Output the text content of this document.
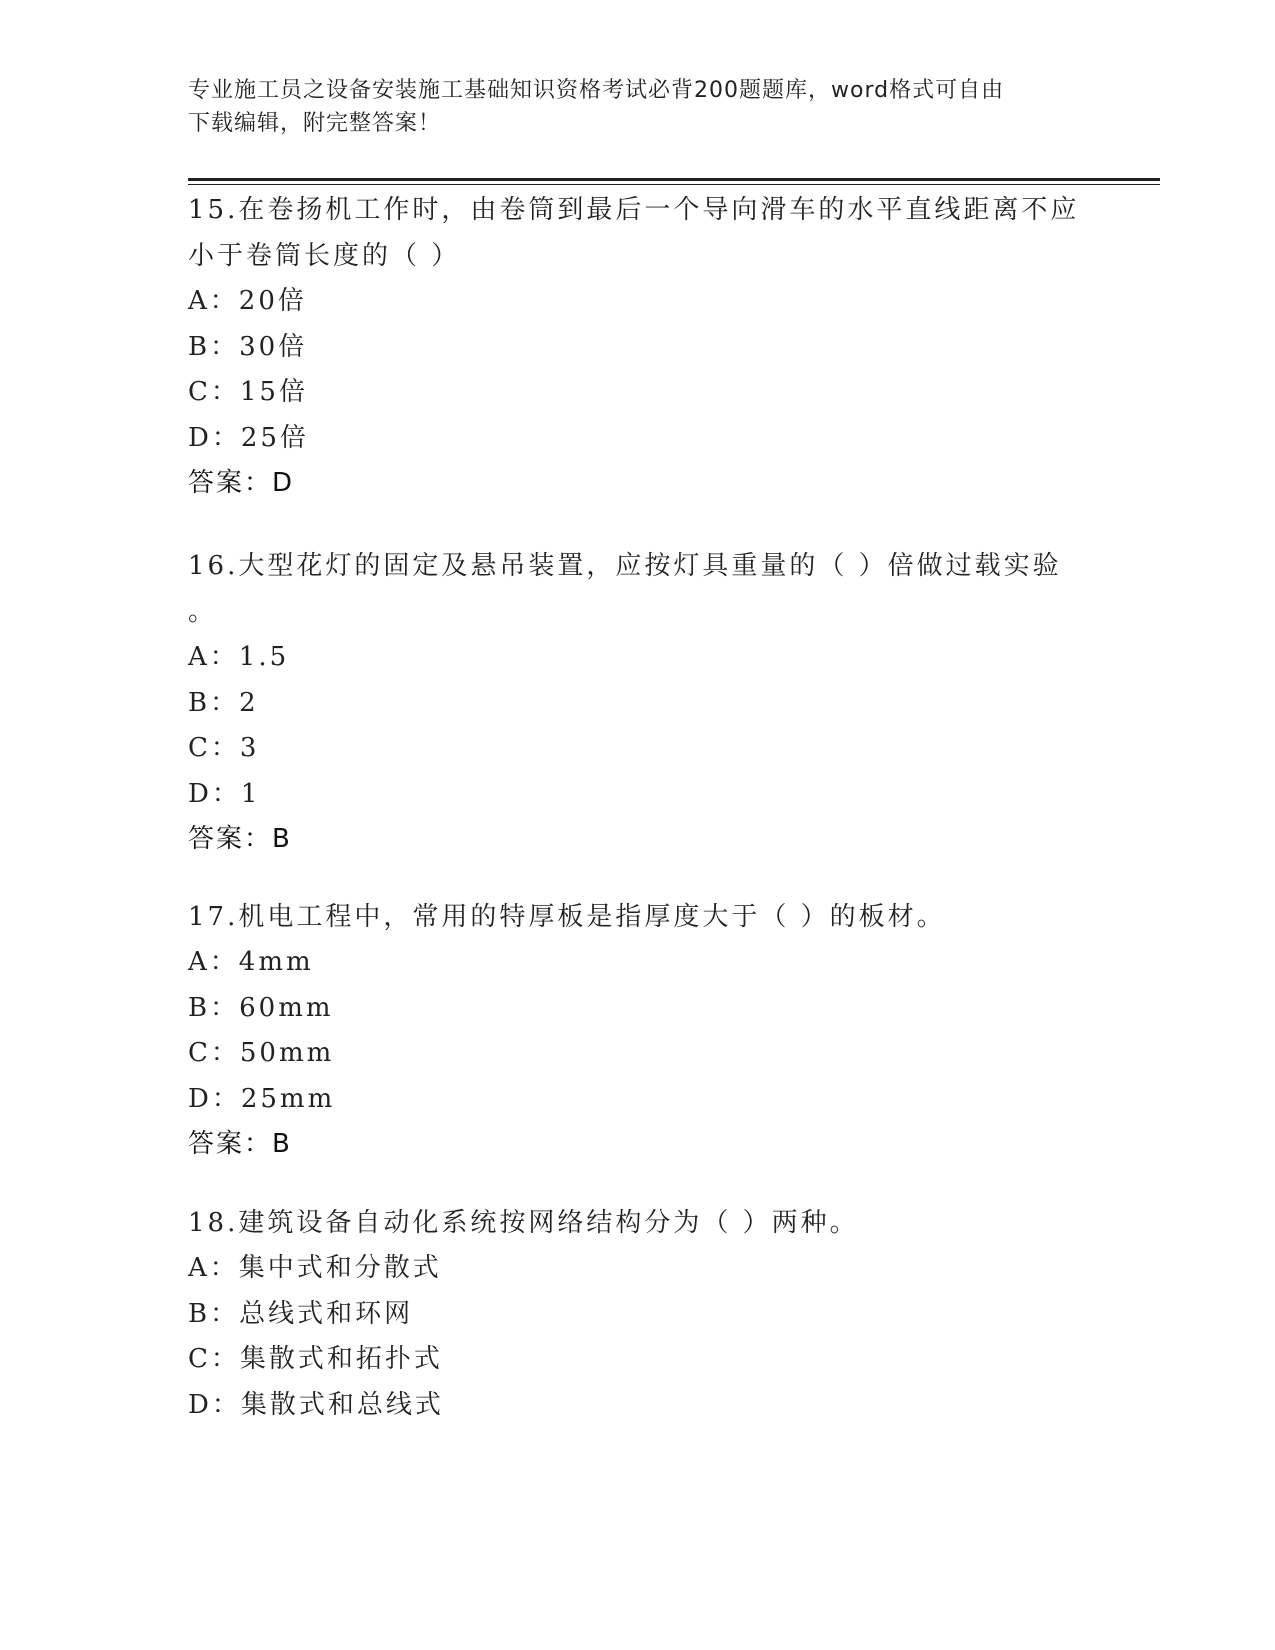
专业施工员之设备安装施工基础知识资格考试必背200题题库，word格式可自由
下载编辑，附完整答案！

15.在卷扬机工作时，由卷筒到最后一个导向滑车的水平直线距离不应

小于卷筒长度的（ ）

A：20倍

B：30倍

C：15倍

D：25倍

答案：D

16.大型花灯的固定及悬吊装置，应按灯具重量的（ ）倍做过载实验

。

A：1.5

B：2

C：3

D：1

答案：B

17.机电工程中，常用的特厚板是指厚度大于（ ）的板材。

A：4mm

B：60mm

C：50mm

D：25mm

答案：B

18.建筑设备自动化系统按网络结构分为（ ）两种。

A：集中式和分散式

B：总线式和环网

C：集散式和拓扑式

D：集散式和总线式
